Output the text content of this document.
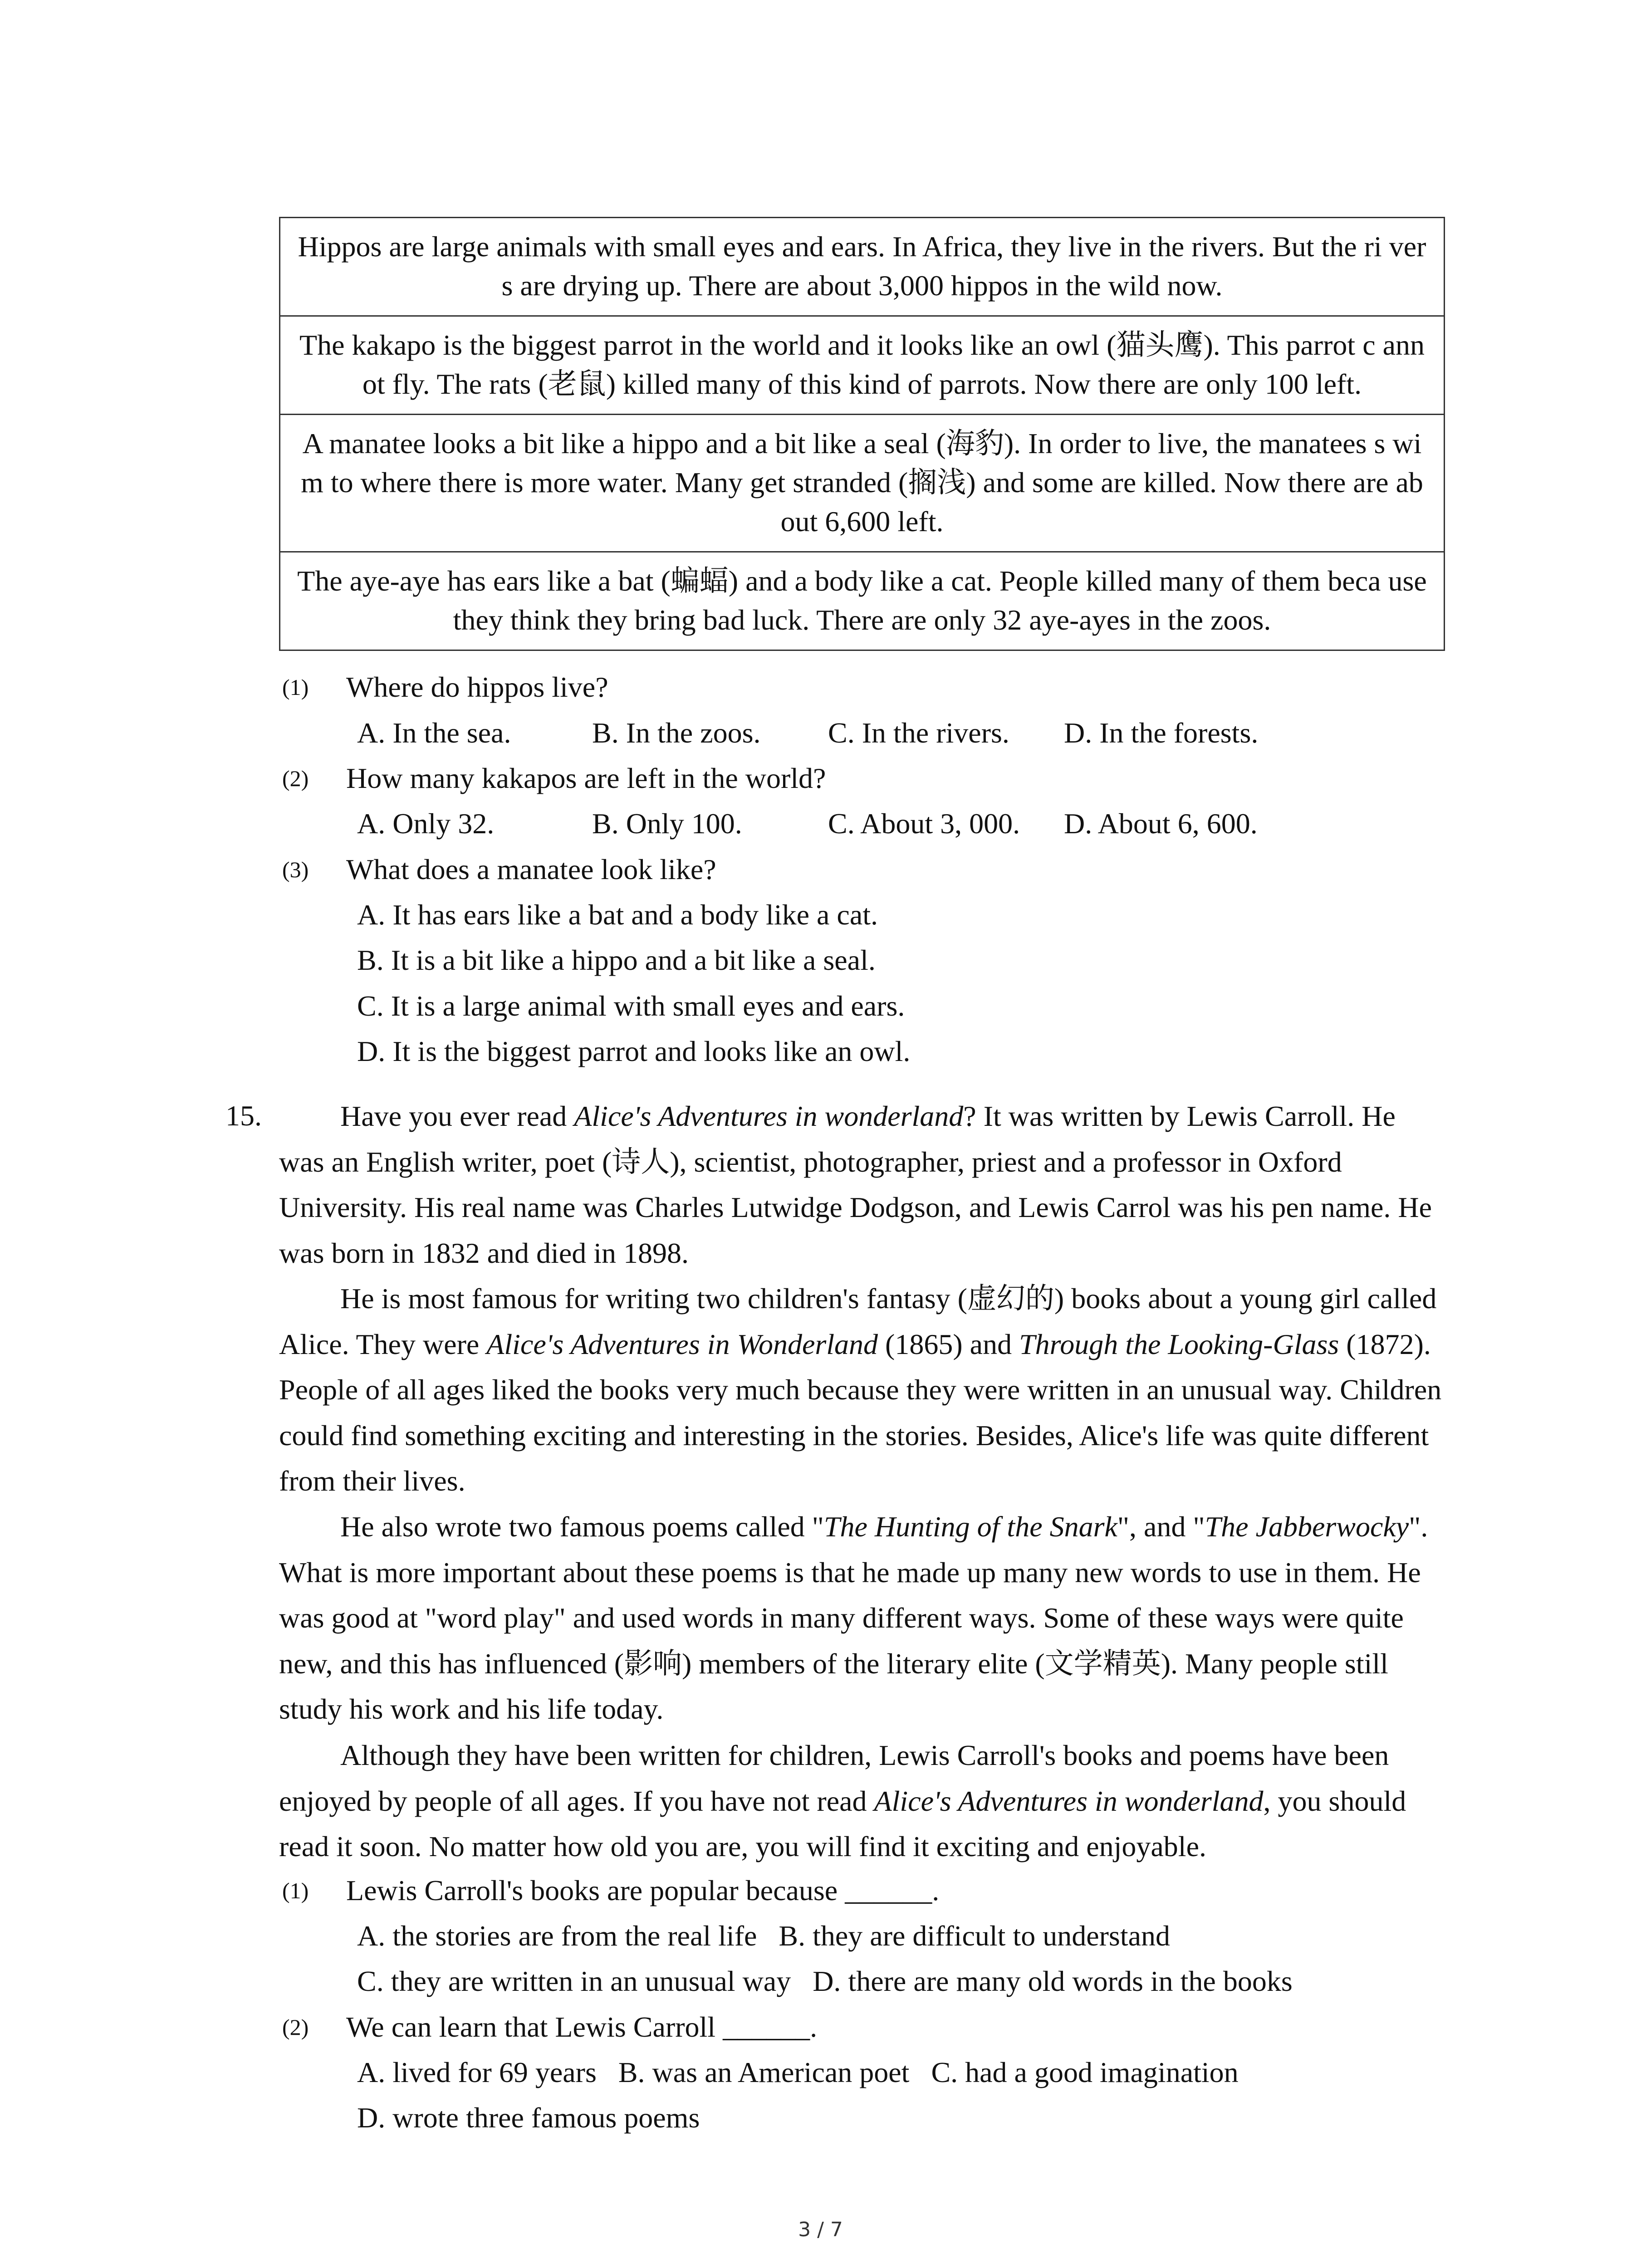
Hippos are large animals with small eyes and ears. In Africa, they live in the rivers. But the ri vers are drying up. There are about 3,000 hippos in the wild now.
The kakapo is the biggest parrot in the world and it looks like an owl (猫头鹰). This parrot c annot fly. The rats (老鼠) killed many of this kind of parrots. Now there are only 100 left.
A manatee looks a bit like a hippo and a bit like a seal (海豹). In order to live, the manatees s wim to where there is more water. Many get stranded (搁浅) and some are killed. Now there are about 6,600 left.
The aye-aye has ears like a bat (蝙蝠) and a body like a cat. People killed many of them beca use they think they bring bad luck. There are only 32 aye-ayes in the zoos.
(1) Where do hippos live?
A. In the sea.	B. In the zoos. C. In the rivers. D. In the forests.
(2) How many kakapos are left in the world?
A. Only 32.	B. Only 100.	C. About 3, 000. D. About 6, 600.
(3) What does a manatee look like?
A. It has ears like a bat and a body like a cat.
B. It is a bit like a hippo and a bit like a seal.
C. It is a large animal with small eyes and ears.
D. It is the biggest parrot and looks like an owl.
15.	Have you ever read Alice's Adventures in wonderland? It was written by Lewis Carroll. He was an English writer, poet (诗人), scientist, photographer, priest and a professor in Oxford University. His real name was Charles Lutwidge Dodgson, and Lewis Carrol was his pen name. He was born in 1832 and died in 1898.
He is most famous for writing two children's fantasy (虚幻的) books about a young girl called Alice. They were Alice's Adventures in Wonderland (1865) and Through the Looking-Glass (1872). People of all ages liked the books very much because they were written in an unusual way. Children could find something exciting and interesting in the stories. Besides, Alice's life was quite different from their lives.
He also wrote two famous poems called "The Hunting of the Snark", and "The Jabberwocky". What is more important about these poems is that he made up many new words to use in them. He was good at "word play" and used words in many different ways. Some of these ways were quite new, and this has influenced (影响) members of the literary elite (文学精英). Many people still study his work and his life today.
Although they have been written for children, Lewis Carroll's books and poems have been enjoyed by people of all ages. If you have not read Alice's Adventures in wonderland, you should read it soon. No matter how old you are, you will find it exciting and enjoyable.
(1) Lewis Carroll's books are popular because ______.
A. the stories are from the real life   B. they are difficult to understand
C. they are written in an unusual way   D. there are many old words in the books
(2) We can learn that Lewis Carroll ______.
A. lived for 69 years   B. was an American poet   C. had a good imagination
D. wrote three famous poems
3 / 7
